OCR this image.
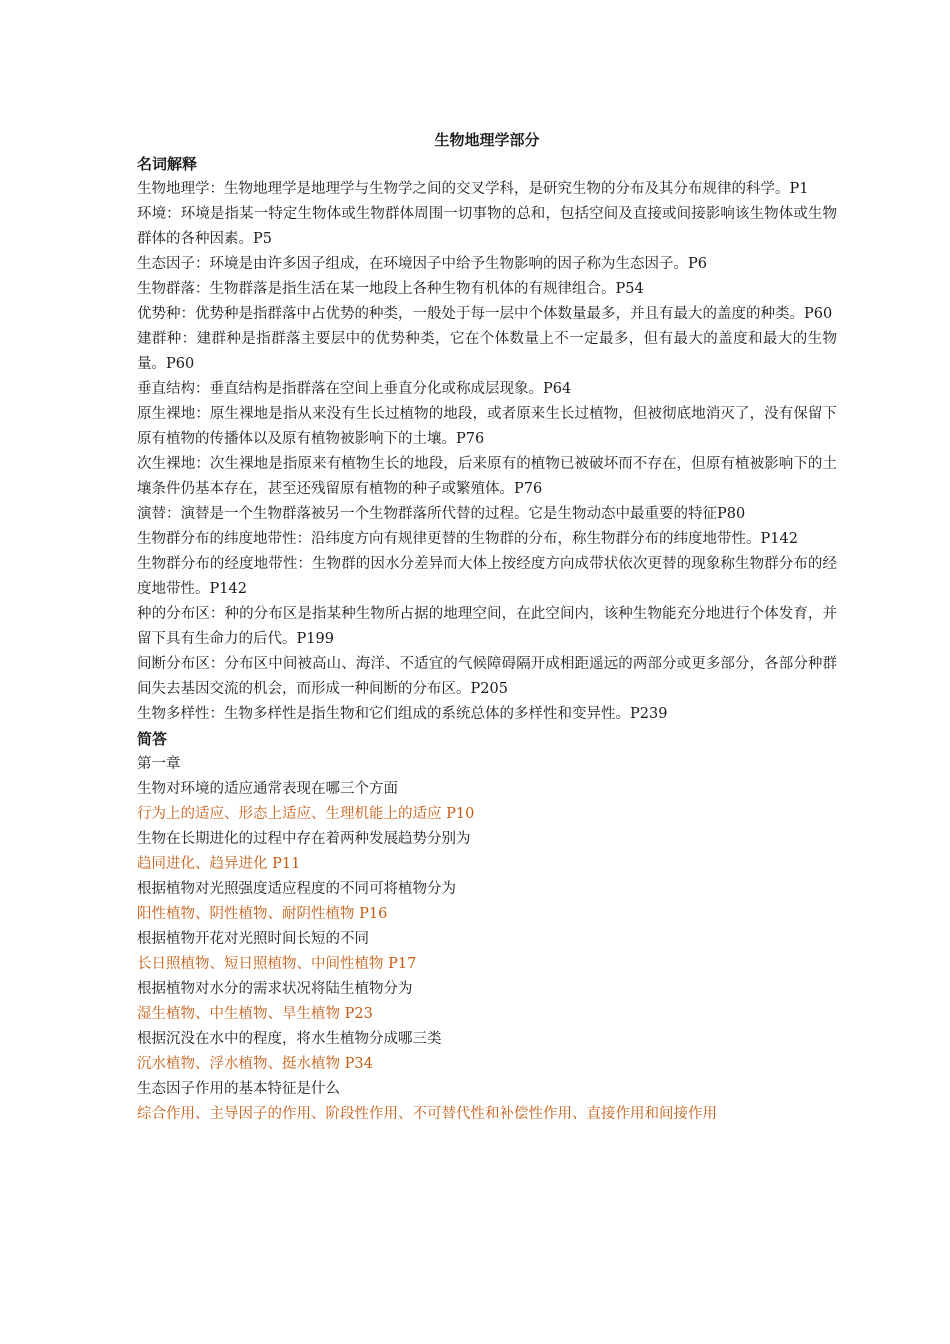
生物地理学部分

名词解释

生物地理学：生物地理学是地理学与生物学之间的交叉学科，是研究生物的分布及其分布规律的科学。P1

环境：环境是指某一特定生物体或生物群体周围一切事物的总和，包括空间及直接或间接影响该生物体或生物群体的各种因素。P5

生态因子：环境是由许多因子组成，在环境因子中给予生物影响的因子称为生态因子。P6

生物群落：生物群落是指生活在某一地段上各种生物有机体的有规律组合。P54

优势种：优势种是指群落中占优势的种类，一般处于每一层中个体数量最多，并且有最大的盖度的种类。P60

建群种：建群种是指群落主要层中的优势种类，它在个体数量上不一定最多，但有最大的盖度和最大的生物量。P60

垂直结构：垂直结构是指群落在空间上垂直分化或称成层现象。P64

原生裸地：原生裸地是指从来没有生长过植物的地段，或者原来生长过植物，但被彻底地消灭了，没有保留下原有植物的传播体以及原有植物被影响下的土壤。P76

次生裸地：次生裸地是指原来有植物生长的地段，后来原有的植物已被破坏而不存在，但原有植被影响下的土壤条件仍基本存在，甚至还残留原有植物的种子或繁殖体。P76

演替：演替是一个生物群落被另一个生物群落所代替的过程。它是生物动态中最重要的特征P80

生物群分布的纬度地带性：沿纬度方向有规律更替的生物群的分布，称生物群分布的纬度地带性。P142

生物群分布的经度地带性：生物群的因水分差异而大体上按经度方向成带状依次更替的现象称生物群分布的经度地带性。P142

种的分布区：种的分布区是指某种生物所占据的地理空间，在此空间内，该种生物能充分地进行个体发育，并留下具有生命力的后代。P199

间断分布区：分布区中间被高山、海洋、不适宜的气候障碍隔开成相距遥远的两部分或更多部分，各部分种群间失去基因交流的机会，而形成一种间断的分布区。P205

生物多样性：生物多样性是指生物和它们组成的系统总体的多样性和变异性。P239

简答

第一章

生物对环境的适应通常表现在哪三个方面

行为上的适应、形态上适应、生理机能上的适应 P10

生物在长期进化的过程中存在着两种发展趋势分别为

趋同进化、趋异进化 P11

根据植物对光照强度适应程度的不同可将植物分为

阳性植物、阴性植物、耐阴性植物 P16

根据植物开花对光照时间长短的不同

长日照植物、短日照植物、中间性植物 P17

根据植物对水分的需求状况将陆生植物分为

湿生植物、中生植物、旱生植物 P23

根据沉没在水中的程度，将水生植物分成哪三类

沉水植物、浮水植物、挺水植物 P34

生态因子作用的基本特征是什么

综合作用、主导因子的作用、阶段性作用、不可替代性和补偿性作用、直接作用和间接作用
